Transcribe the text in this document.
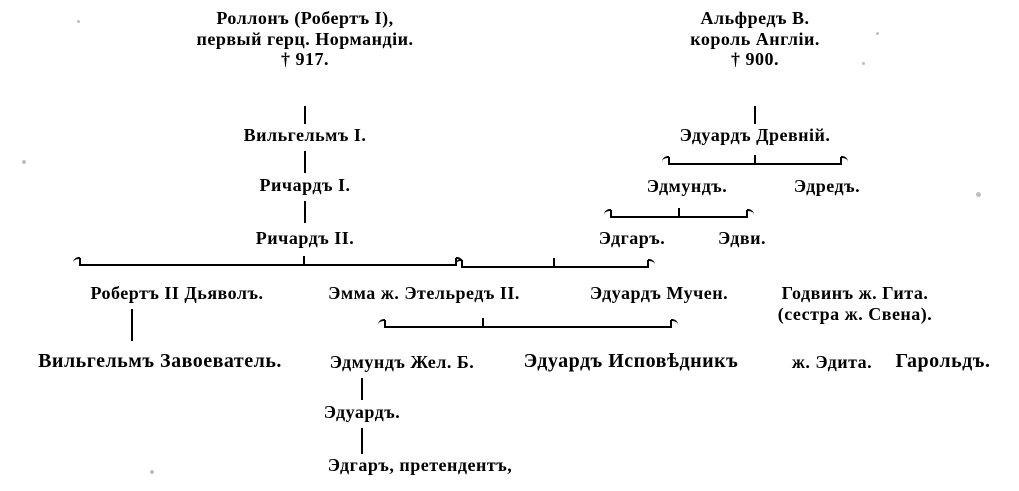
Роллонъ (Робертъ I),
первый герц. Нормандіи.
† 917.
Вильгельмъ I.
Ричардъ I.
Ричардъ II.
Альфредъ В.
король Англіи.
† 900.
Эдуардъ Древній.
Эдмундъ.	Эдредъ.
Эдгаръ.	Эдви.
Робертъ II Дьяволъ.	Эмма ж. Этельредъ II.	Эдуардъ Мучен.	Годвинъ ж. Гита.
(сестра ж. Свена).
Вильгельмъ Завоеватель.	Эдмундъ Жел. Б. Эдуардъ Исповѣдникъ	ж. Эдита. Гарольдъ.
Эдуардъ.
Эдгаръ, претендентъ,
